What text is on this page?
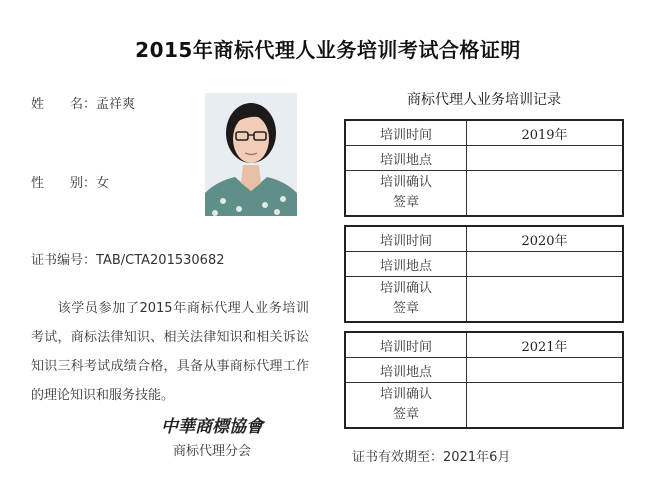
2015年商标代理人业务培训考试合格证明
姓　　名：孟祥爽
性　　别：女
证书编号：TAB/CTA201530682
该学员参加了2015年商标代理人业务培训考试，商标法律知识、相关法律知识和相关诉讼知识三科考试成绩合格，具备从事商标代理工作的理论知识和服务技能。
中華商標協會
商标代理分会
商标代理人业务培训记录
培训时间	2019年
培训地点	
培训确认
签章	
培训时间	2020年
培训地点	
培训确认
签章	
培训时间	2021年
培训地点	
培训确认
签章	
证书有效期至：2021年6月
